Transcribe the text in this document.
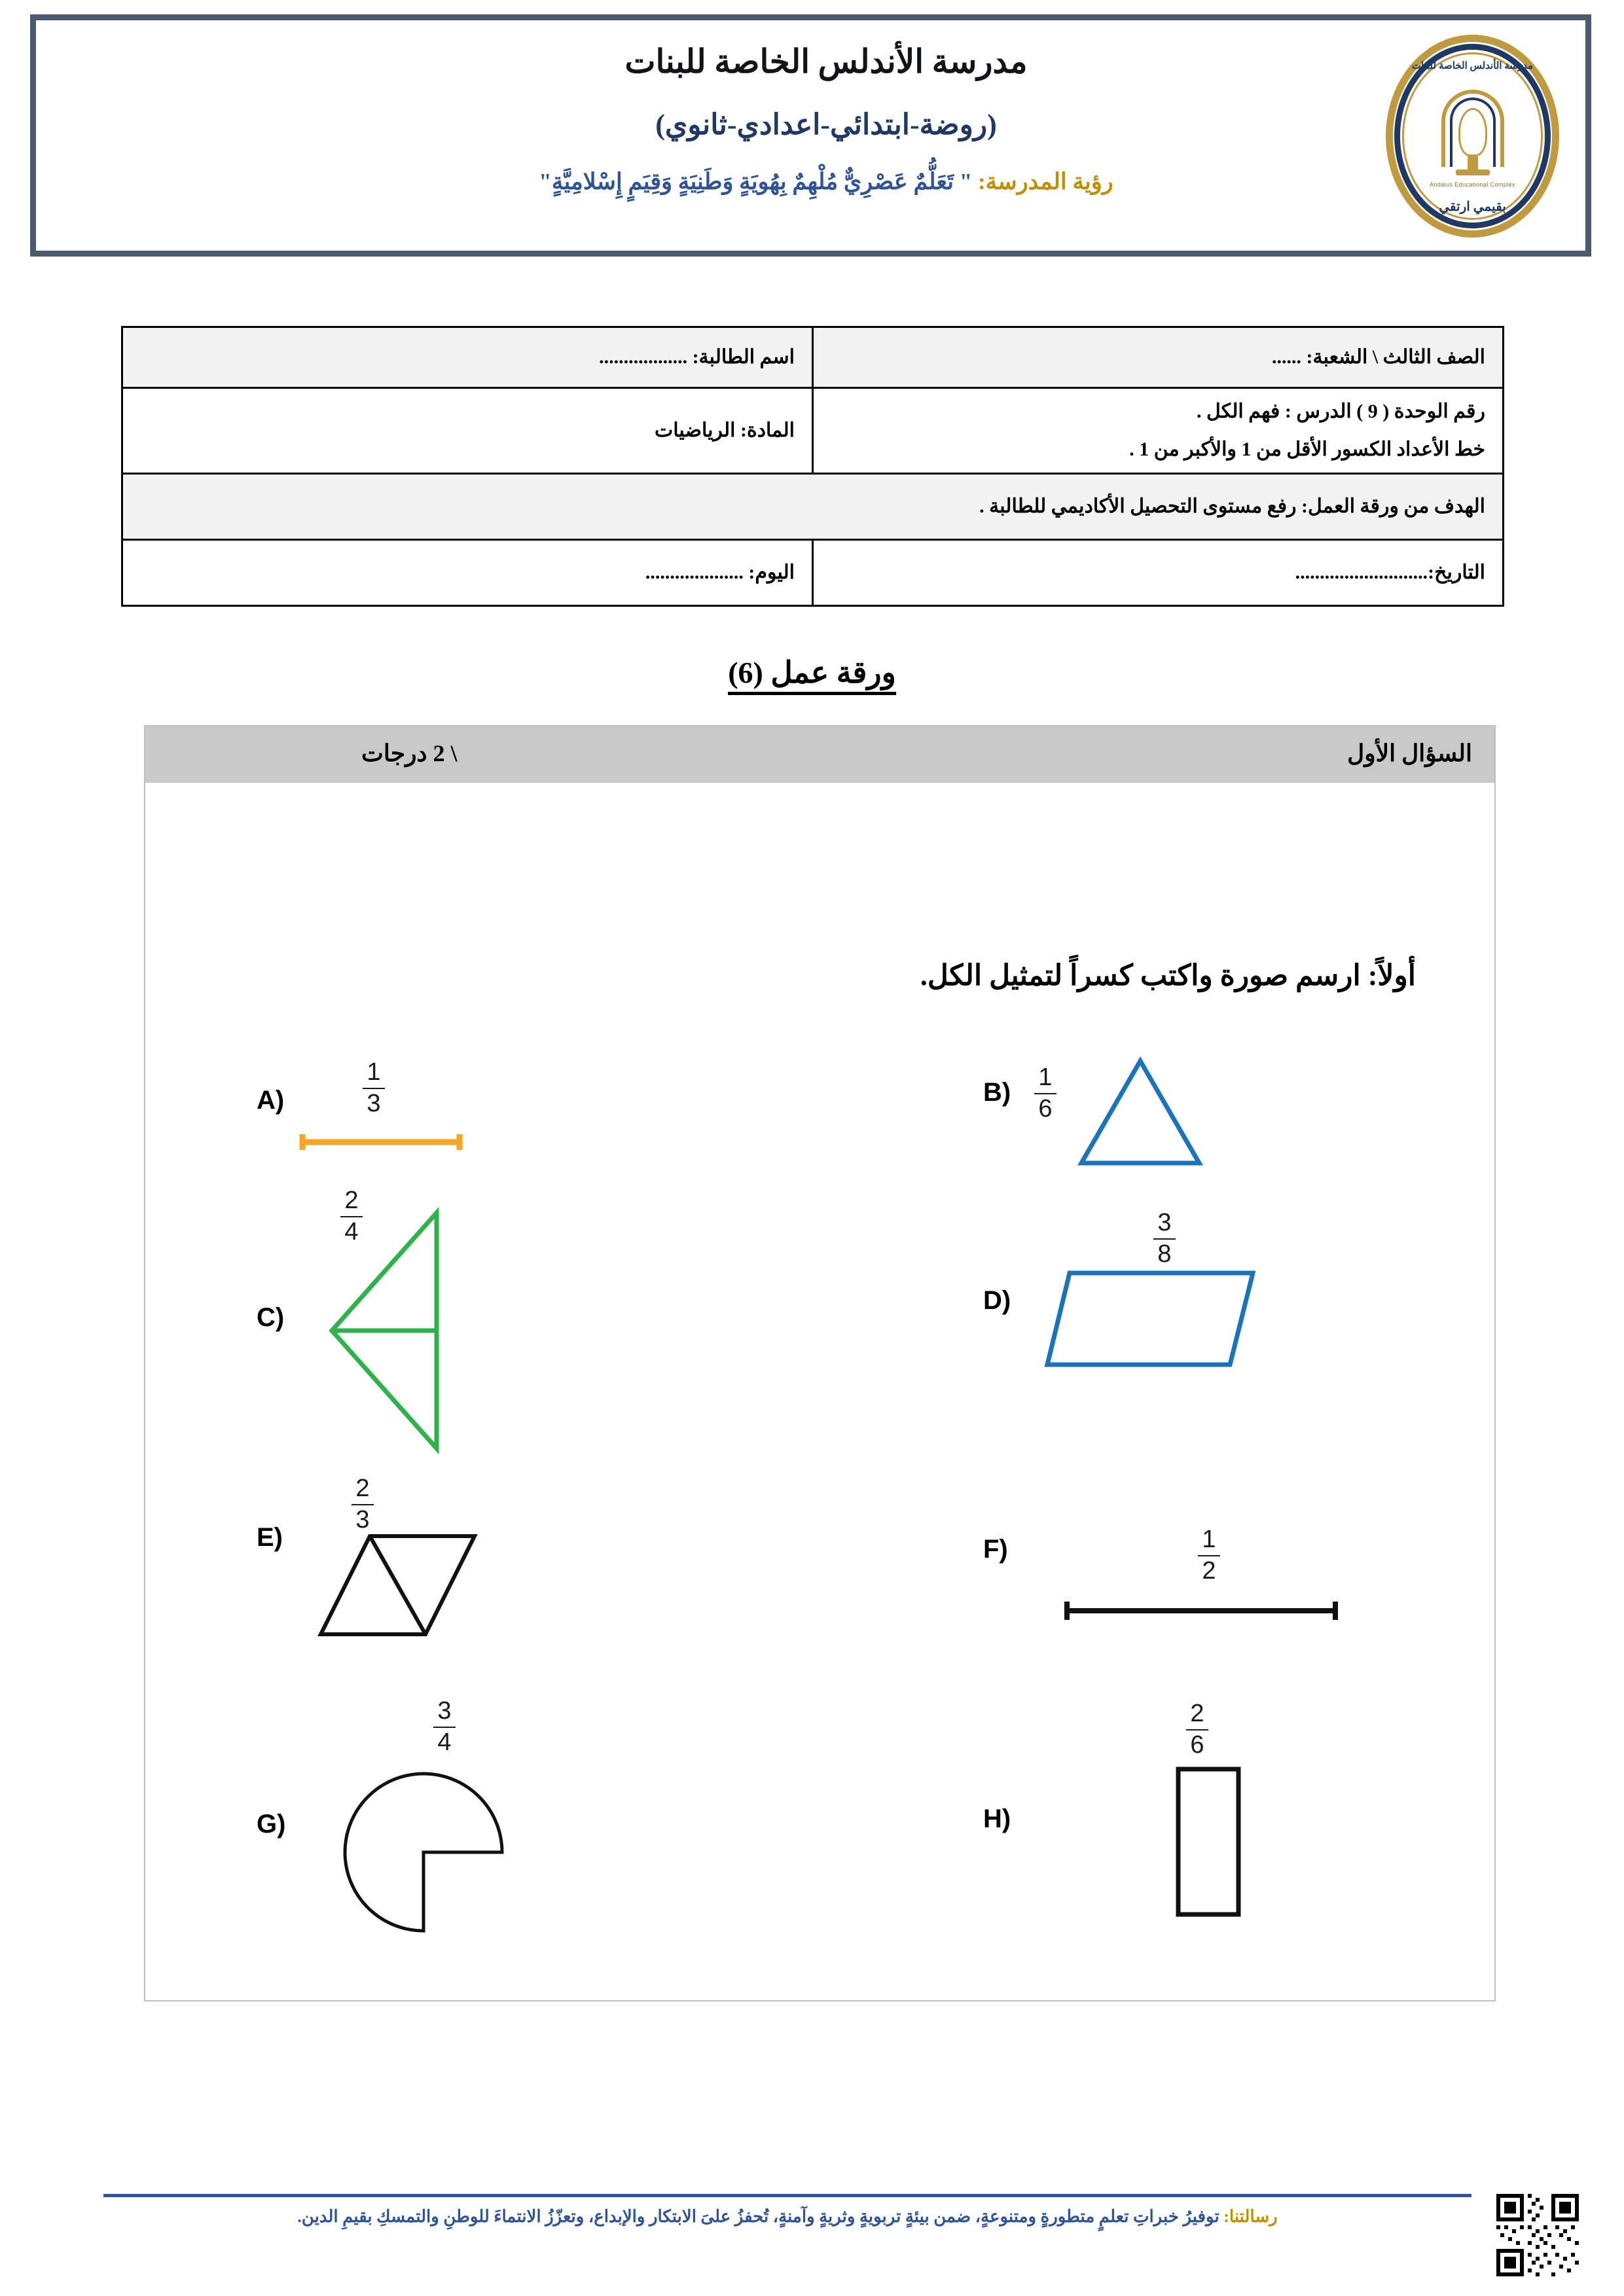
مدرسة الأندلس الخاصة للبنات
(روضة-ابتدائي-اعدادي-ثانوي)
رؤية المدرسة: " تَعَلُّمٌ عَصْرِيٌّ مُلْهِمٌ بِهُويَةٍ وَطَنِيَةٍ وَقِيَمٍ إِسْلامِيَّةٍ"
مدرسة الأندلس الخاصة للبنات
Andalus Educational Complex
بقيمي ارتقي
الصف الثالث \ الشعبة: ......	اسم الطالبة: ..................
رقم الوحدة ( 9 ) الدرس : فهم الكل .
خط الأعداد الكسور الأقل من 1 والأكبر من 1 .	المادة: الرياضيات
الهدف من ورقة العمل: رفع مستوى التحصيل الأكاديمي للطالبة .	
التاريخ:...........................	اليوم: ....................
ورقة عمل (6)
السؤال الأول
\ 2 درجات
أولاً: ارسم صورة واكتب كسراً لتمثيل الكل.
A)
1
3	B)
1
6
C)
2
4
D)
3
8
E)
2
3
F)	1
2
G)
3
4
H)
2
6
رسالتنا: توفيرُ خبراتِ تعلمٍ متطورةٍ ومتنوعةٍ، ضمن بيئةٍ تربويةٍ وثريةٍ وآمنةٍ، تُحفزُ علىَ الابتكار والإبداع، وتعزّزُ الانتماءَ للوطنِ والتمسكِ بقيمِ الدين.
